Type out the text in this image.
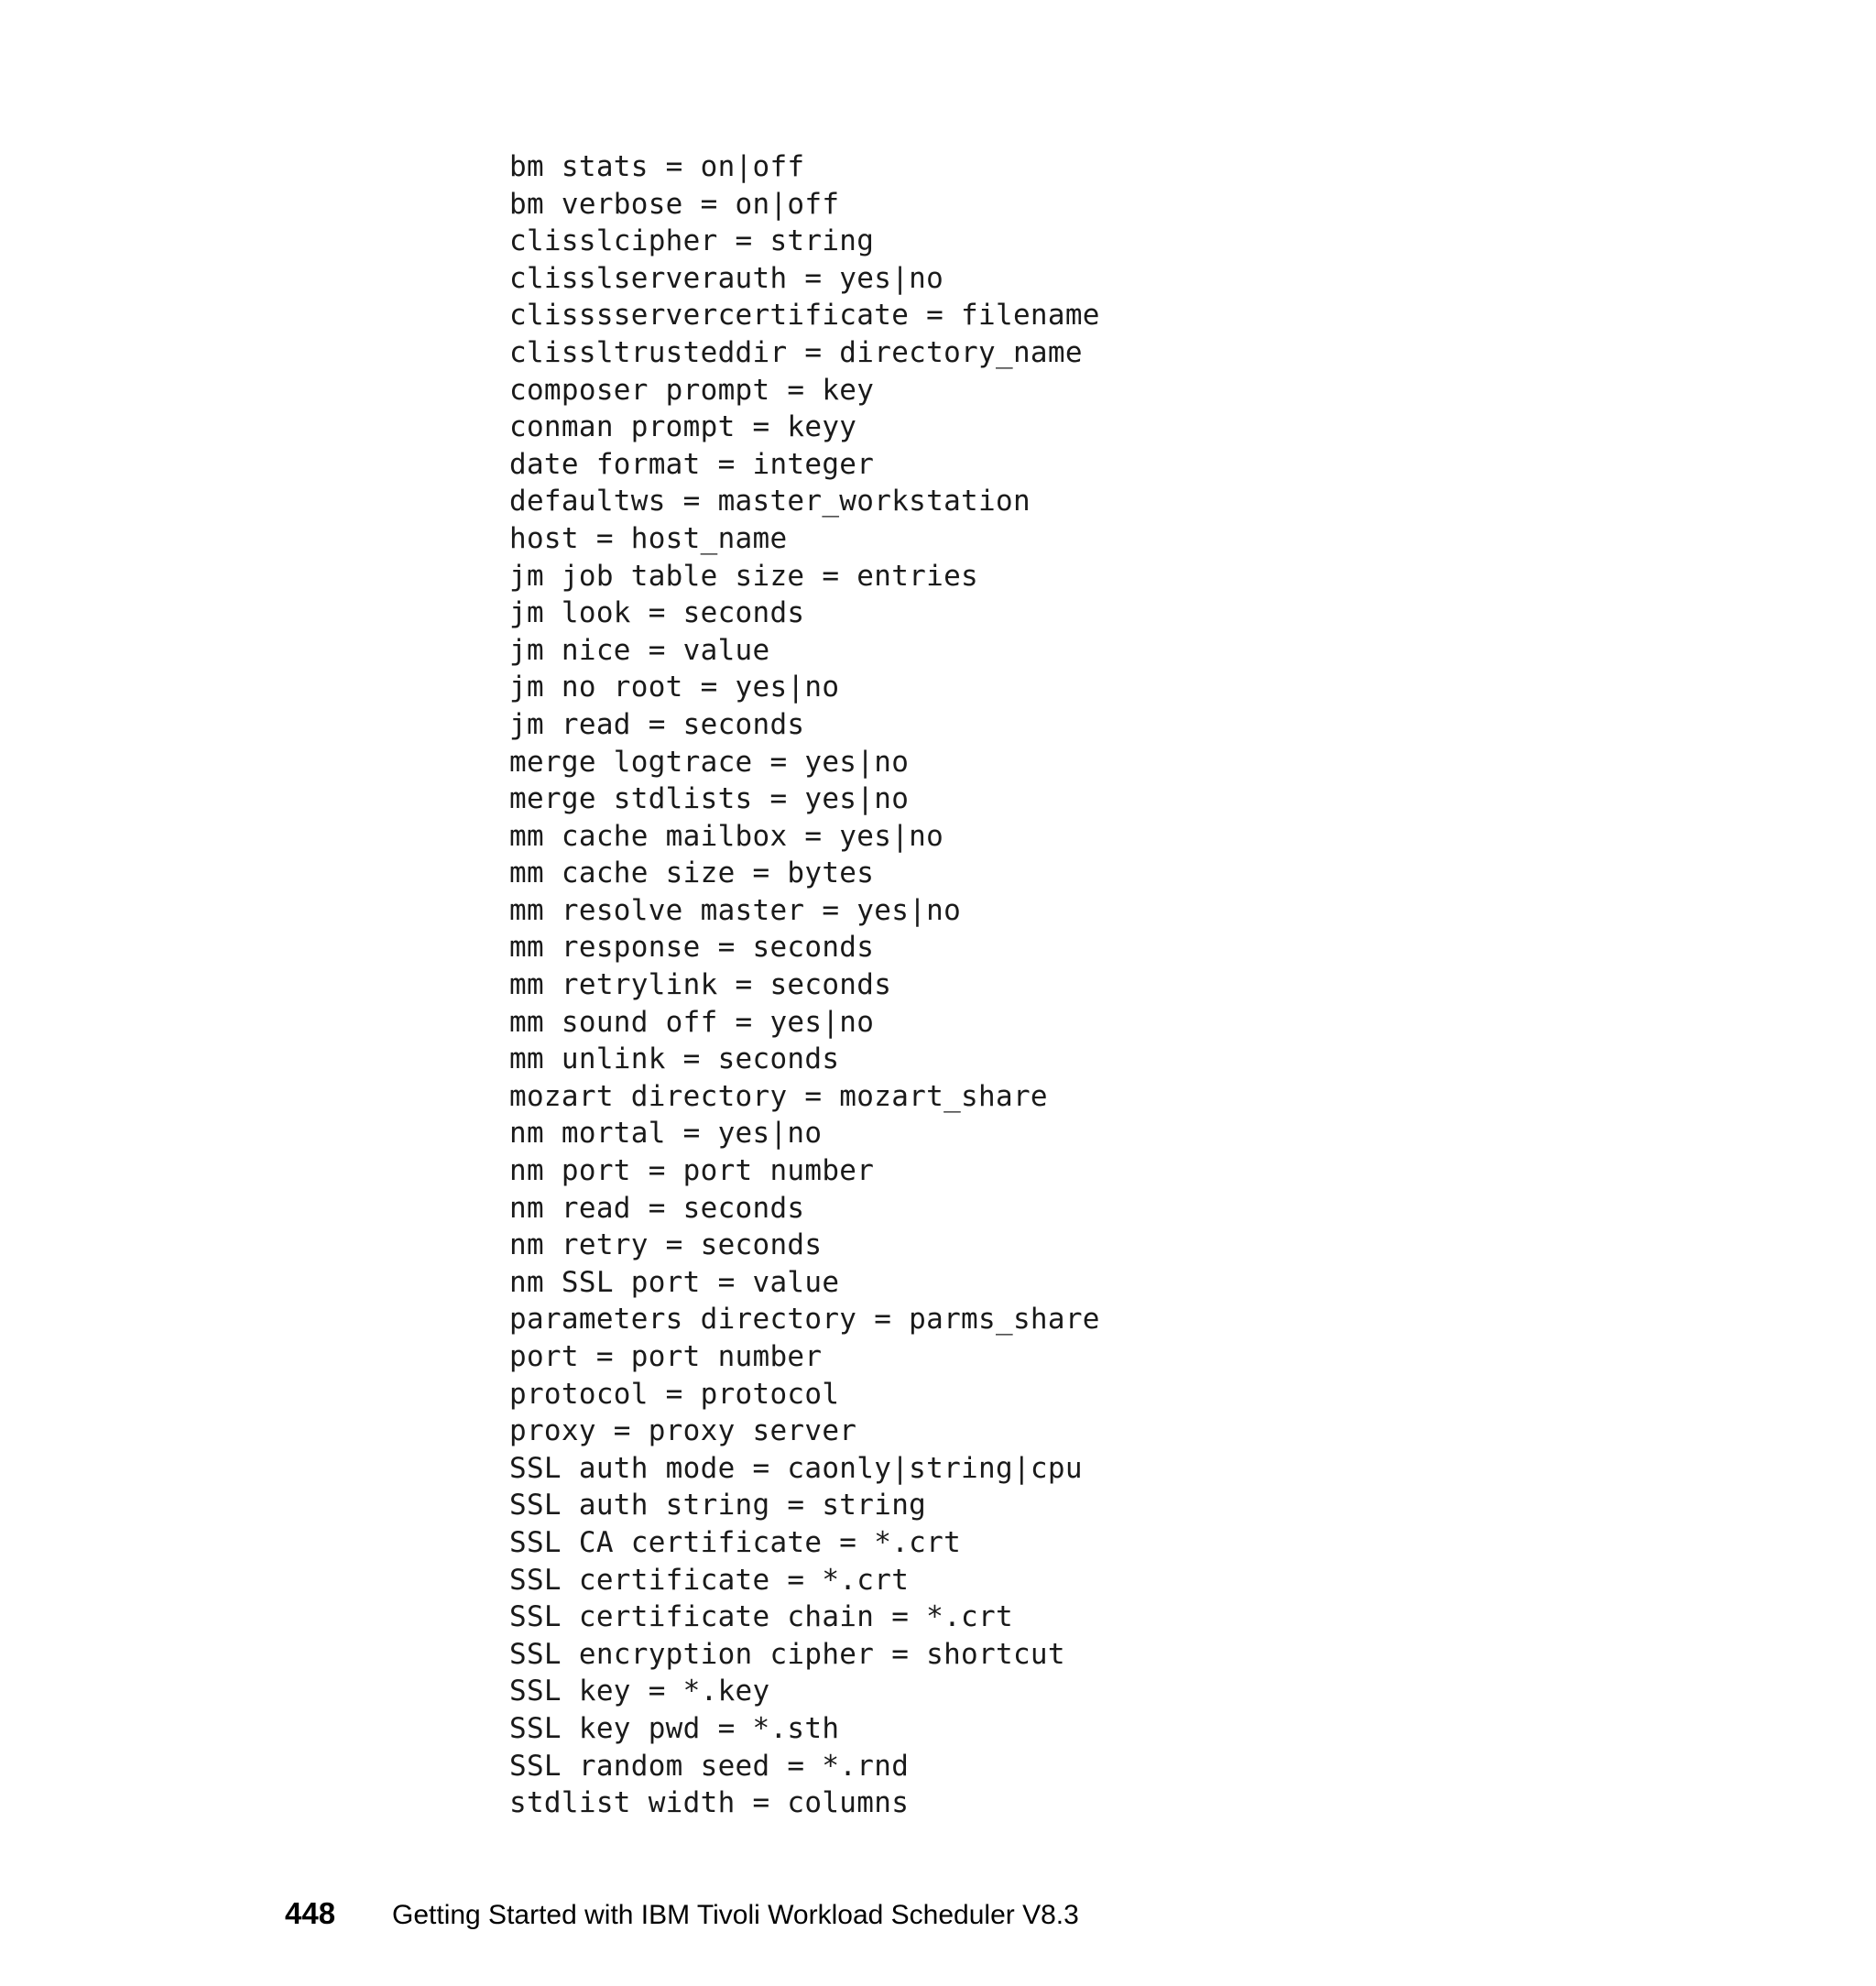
bm stats = on|off
bm verbose = on|off
clisslcipher = string
clisslserverauth = yes|no
clisssservercertificate = filename
clissltrusteddir = directory_name
composer prompt = key
conman prompt = keyy
date format = integer
defaultws = master_workstation
host = host_name
jm job table size = entries
jm look = seconds
jm nice = value
jm no root = yes|no
jm read = seconds
merge logtrace = yes|no
merge stdlists = yes|no
mm cache mailbox = yes|no
mm cache size = bytes
mm resolve master = yes|no
mm response = seconds
mm retrylink = seconds
mm sound off = yes|no
mm unlink = seconds
mozart directory = mozart_share
nm mortal = yes|no
nm port = port number
nm read = seconds
nm retry = seconds
nm SSL port = value
parameters directory = parms_share
port = port number
protocol = protocol
proxy = proxy server
SSL auth mode = caonly|string|cpu
SSL auth string = string
SSL CA certificate = *.crt
SSL certificate = *.crt
SSL certificate chain = *.crt
SSL encryption cipher = shortcut
SSL key = *.key
SSL key pwd = *.sth
SSL random seed = *.rnd
stdlist width = columns
448	Getting Started with IBM Tivoli Workload Scheduler V8.3
